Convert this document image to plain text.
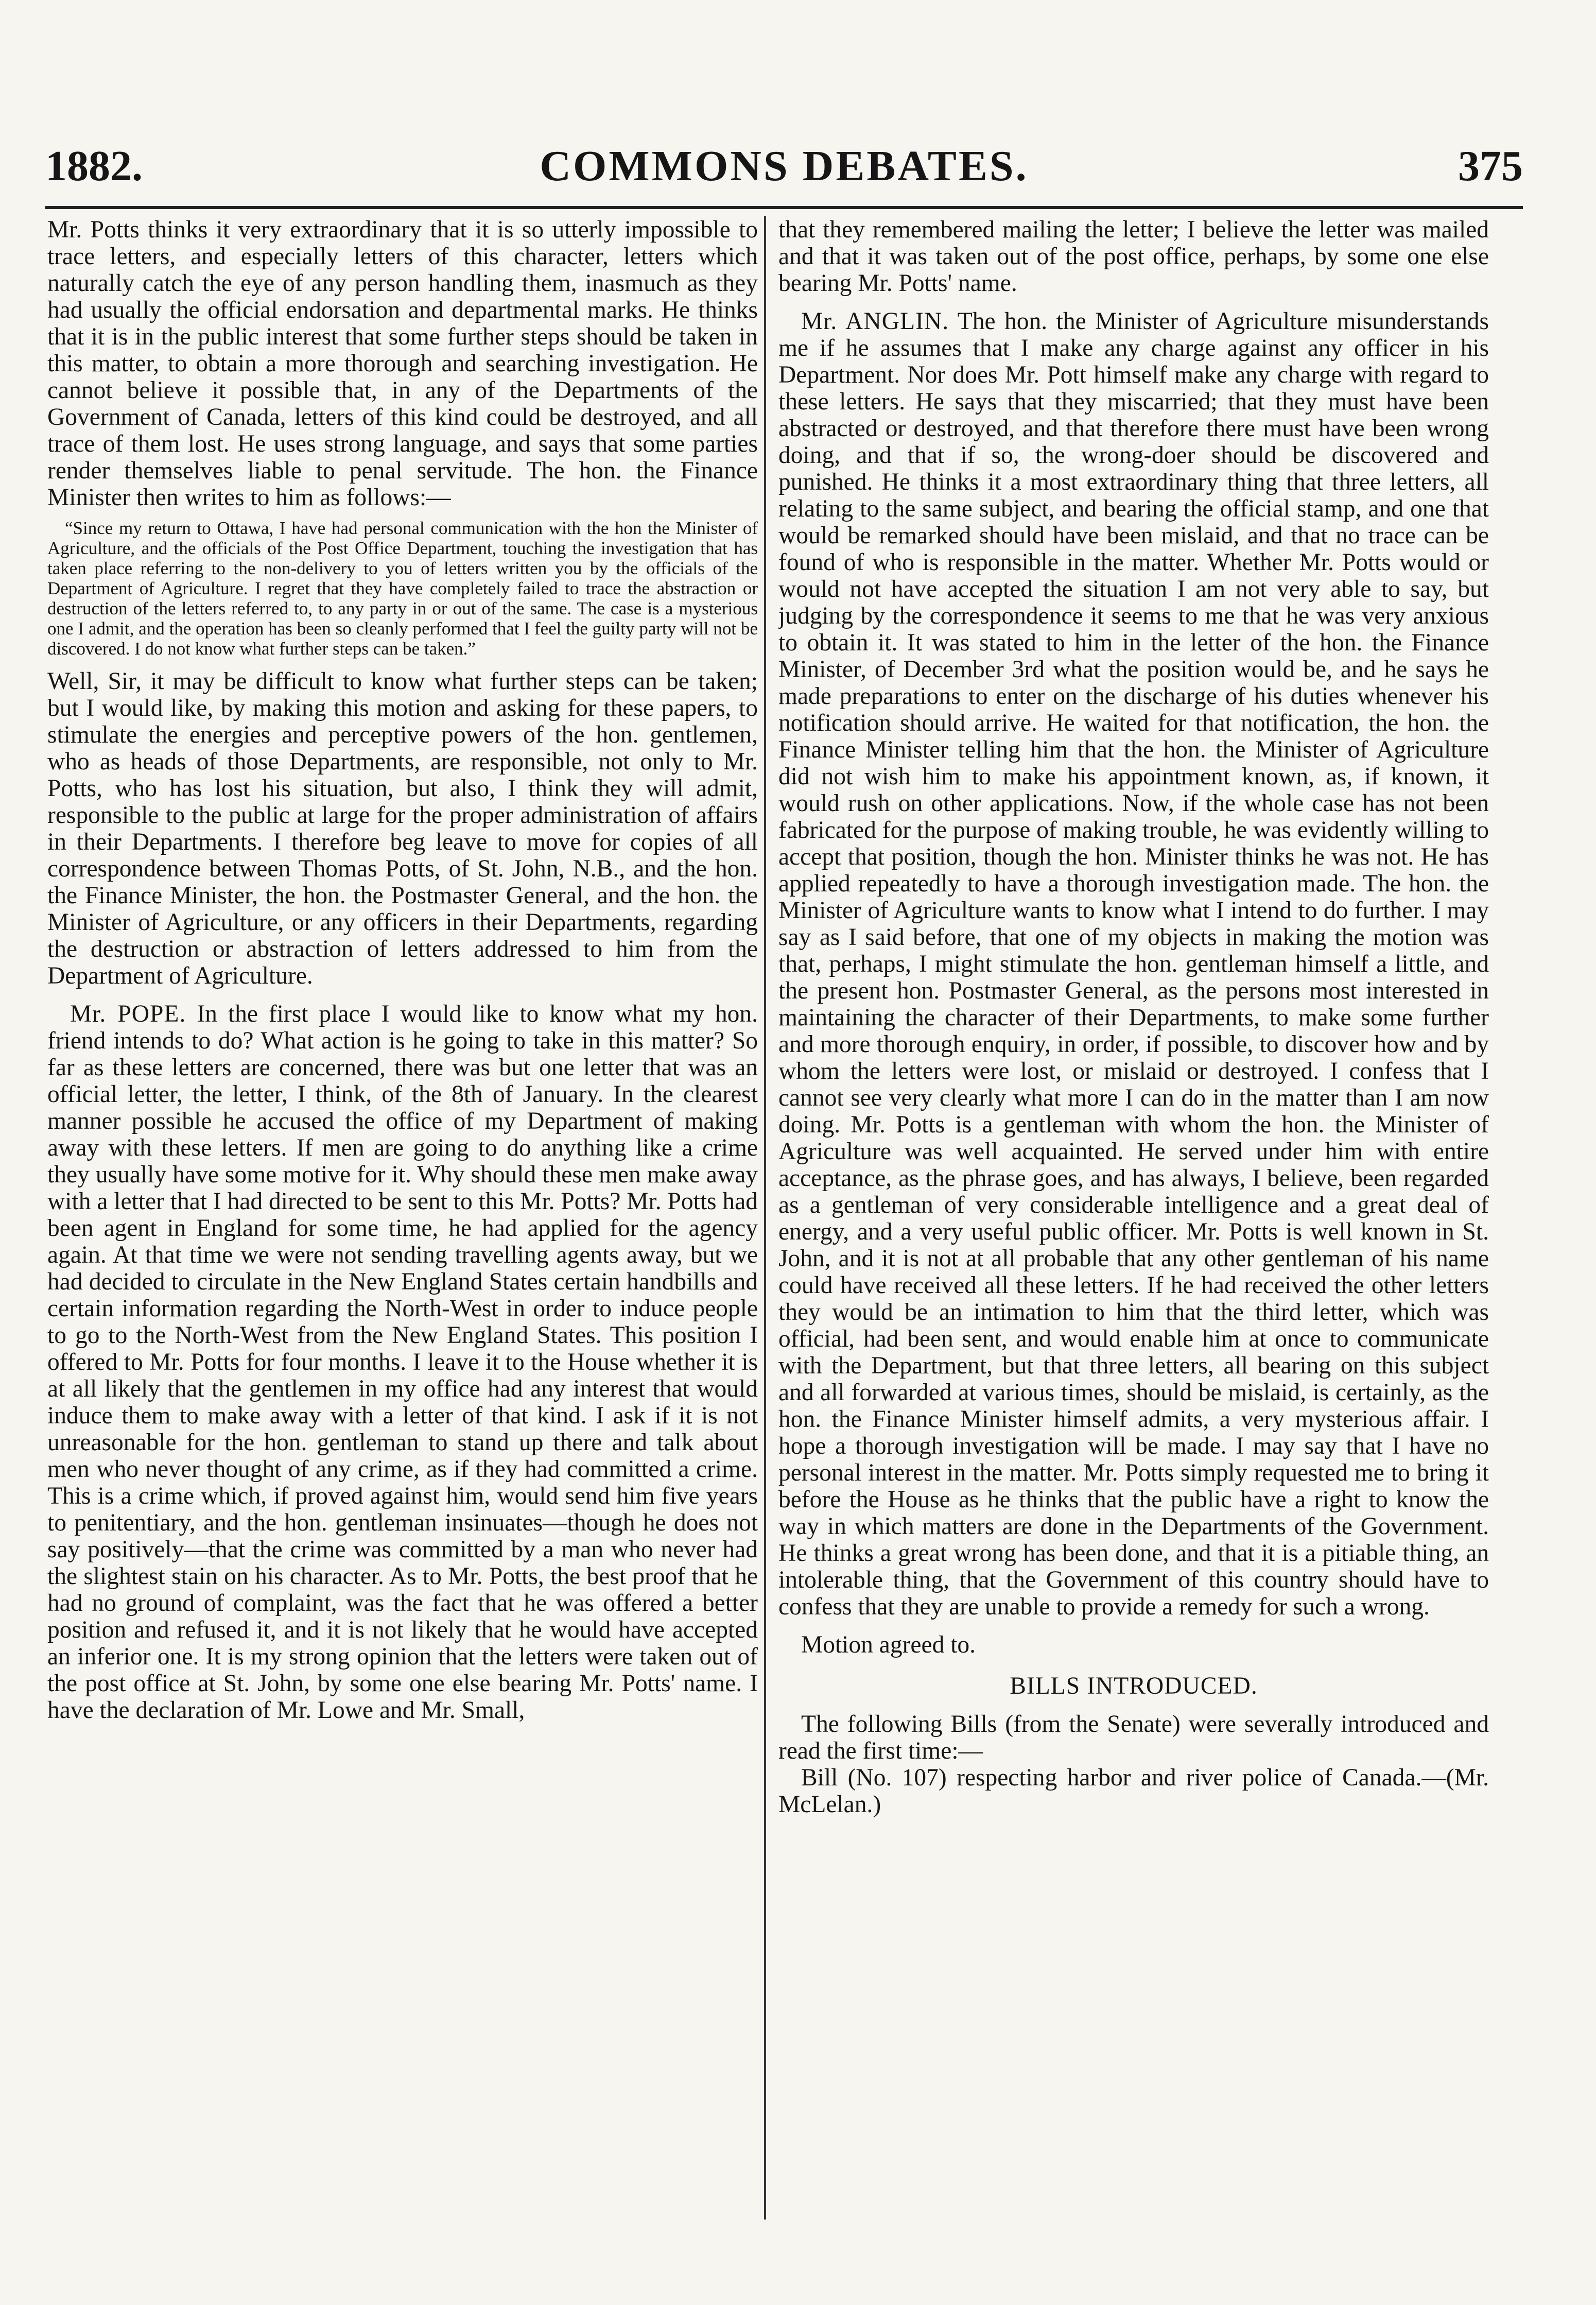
1882.	COMMONS DEBATES.	375

Mr. Potts thinks it very extraordinary that it is so utterly impossible to trace letters, and especially letters of this character, letters which naturally catch the eye of any person handling them, inasmuch as they had usually the official endorsation and departmental marks. He thinks that it is in the public interest that some further steps should be taken in this matter, to obtain a more thorough and searching investigation. He cannot believe it possible that, in any of the Departments of the Government of Canada, letters of this kind could be destroyed, and all trace of them lost. He uses strong language, and says that some parties render themselves liable to penal servitude. The hon. the Finance Minister then writes to him as follows:—

“Since my return to Ottawa, I have had personal communication with the hon the Minister of Agriculture, and the officials of the Post Office Department, touching the investigation that has taken place referring to the non-delivery to you of letters written you by the officials of the Department of Agriculture. I regret that they have completely failed to trace the abstraction or destruction of the letters referred to, to any party in or out of the same. The case is a mysterious one I admit, and the operation has been so cleanly performed that I feel the guilty party will not be discovered. I do not know what further steps can be taken.”

Well, Sir, it may be difficult to know what further steps can be taken; but I would like, by making this motion and asking for these papers, to stimulate the energies and perceptive powers of the hon. gentlemen, who as heads of those Departments, are responsible, not only to Mr. Potts, who has lost his situation, but also, I think they will admit, responsible to the public at large for the proper administration of affairs in their Departments. I therefore beg leave to move for copies of all correspondence between Thomas Potts, of St. John, N.B., and the hon. the Finance Minister, the hon. the Postmaster General, and the hon. the Minister of Agriculture, or any officers in their Departments, regarding the destruction or abstraction of letters addressed to him from the Department of Agriculture.

Mr. POPE. In the first place I would like to know what my hon. friend intends to do? What action is he going to take in this matter? So far as these letters are concerned, there was but one letter that was an official letter, the letter, I think, of the 8th of January. In the clearest manner possible he accused the office of my Department of making away with these letters. If men are going to do anything like a crime they usually have some motive for it. Why should these men make away with a letter that I had directed to be sent to this Mr. Potts? Mr. Potts had been agent in England for some time, he had applied for the agency again. At that time we were not sending travelling agents away, but we had decided to circulate in the New England States certain handbills and certain information regarding the North-West in order to induce people to go to the North-West from the New England States. This position I offered to Mr. Potts for four months. I leave it to the House whether it is at all likely that the gentlemen in my office had any interest that would induce them to make away with a letter of that kind. I ask if it is not unreasonable for the hon. gentleman to stand up there and talk about men who never thought of any crime, as if they had committed a crime. This is a crime which, if proved against him, would send him five years to penitentiary, and the hon. gentleman insinuates—though he does not say positively—that the crime was committed by a man who never had the slightest stain on his character. As to Mr. Potts, the best proof that he had no ground of complaint, was the fact that he was offered a better position and refused it, and it is not likely that he would have accepted an inferior one. It is my strong opinion that the letters were taken out of the post office at St. John, by some one else bearing Mr. Potts' name. I have the declaration of Mr. Lowe and Mr. Small,

that they remembered mailing the letter; I believe the letter was mailed and that it was taken out of the post office, perhaps, by some one else bearing Mr. Potts' name.

Mr. ANGLIN. The hon. the Minister of Agriculture misunderstands me if he assumes that I make any charge against any officer in his Department. Nor does Mr. Pott himself make any charge with regard to these letters. He says that they miscarried; that they must have been abstracted or destroyed, and that therefore there must have been wrong doing, and that if so, the wrong-doer should be discovered and punished. He thinks it a most extraordinary thing that three letters, all relating to the same subject, and bearing the official stamp, and one that would be remarked should have been mislaid, and that no trace can be found of who is responsible in the matter. Whether Mr. Potts would or would not have accepted the situation I am not very able to say, but judging by the correspondence it seems to me that he was very anxious to obtain it. It was stated to him in the letter of the hon. the Finance Minister, of December 3rd what the position would be, and he says he made preparations to enter on the discharge of his duties whenever his notification should arrive. He waited for that notification, the hon. the Finance Minister telling him that the hon. the Minister of Agriculture did not wish him to make his appointment known, as, if known, it would rush on other applications. Now, if the whole case has not been fabricated for the purpose of making trouble, he was evidently willing to accept that position, though the hon. Minister thinks he was not. He has applied repeatedly to have a thorough investigation made. The hon. the Minister of Agriculture wants to know what I intend to do further. I may say as I said before, that one of my objects in making the motion was that, perhaps, I might stimulate the hon. gentleman himself a little, and the present hon. Postmaster General, as the persons most interested in maintaining the character of their Departments, to make some further and more thorough enquiry, in order, if possible, to discover how and by whom the letters were lost, or mislaid or destroyed. I confess that I cannot see very clearly what more I can do in the matter than I am now doing. Mr. Potts is a gentleman with whom the hon. the Minister of Agriculture was well acquainted. He served under him with entire acceptance, as the phrase goes, and has always, I believe, been regarded as a gentleman of very considerable intelligence and a great deal of energy, and a very useful public officer. Mr. Potts is well known in St. John, and it is not at all probable that any other gentleman of his name could have received all these letters. If he had received the other letters they would be an intimation to him that the third letter, which was official, had been sent, and would enable him at once to communicate with the Department, but that three letters, all bearing on this subject and all forwarded at various times, should be mislaid, is certainly, as the hon. the Finance Minister himself admits, a very mysterious affair. I hope a thorough investigation will be made. I may say that I have no personal interest in the matter. Mr. Potts simply requested me to bring it before the House as he thinks that the public have a right to know the way in which matters are done in the Departments of the Government. He thinks a great wrong has been done, and that it is a pitiable thing, an intolerable thing, that the Government of this country should have to confess that they are unable to provide a remedy for such a wrong.

Motion agreed to.

BILLS INTRODUCED.

The following Bills (from the Senate) were severally introduced and read the first time:—

Bill (No. 107) respecting harbor and river police of Canada.—(Mr. McLelan.)
